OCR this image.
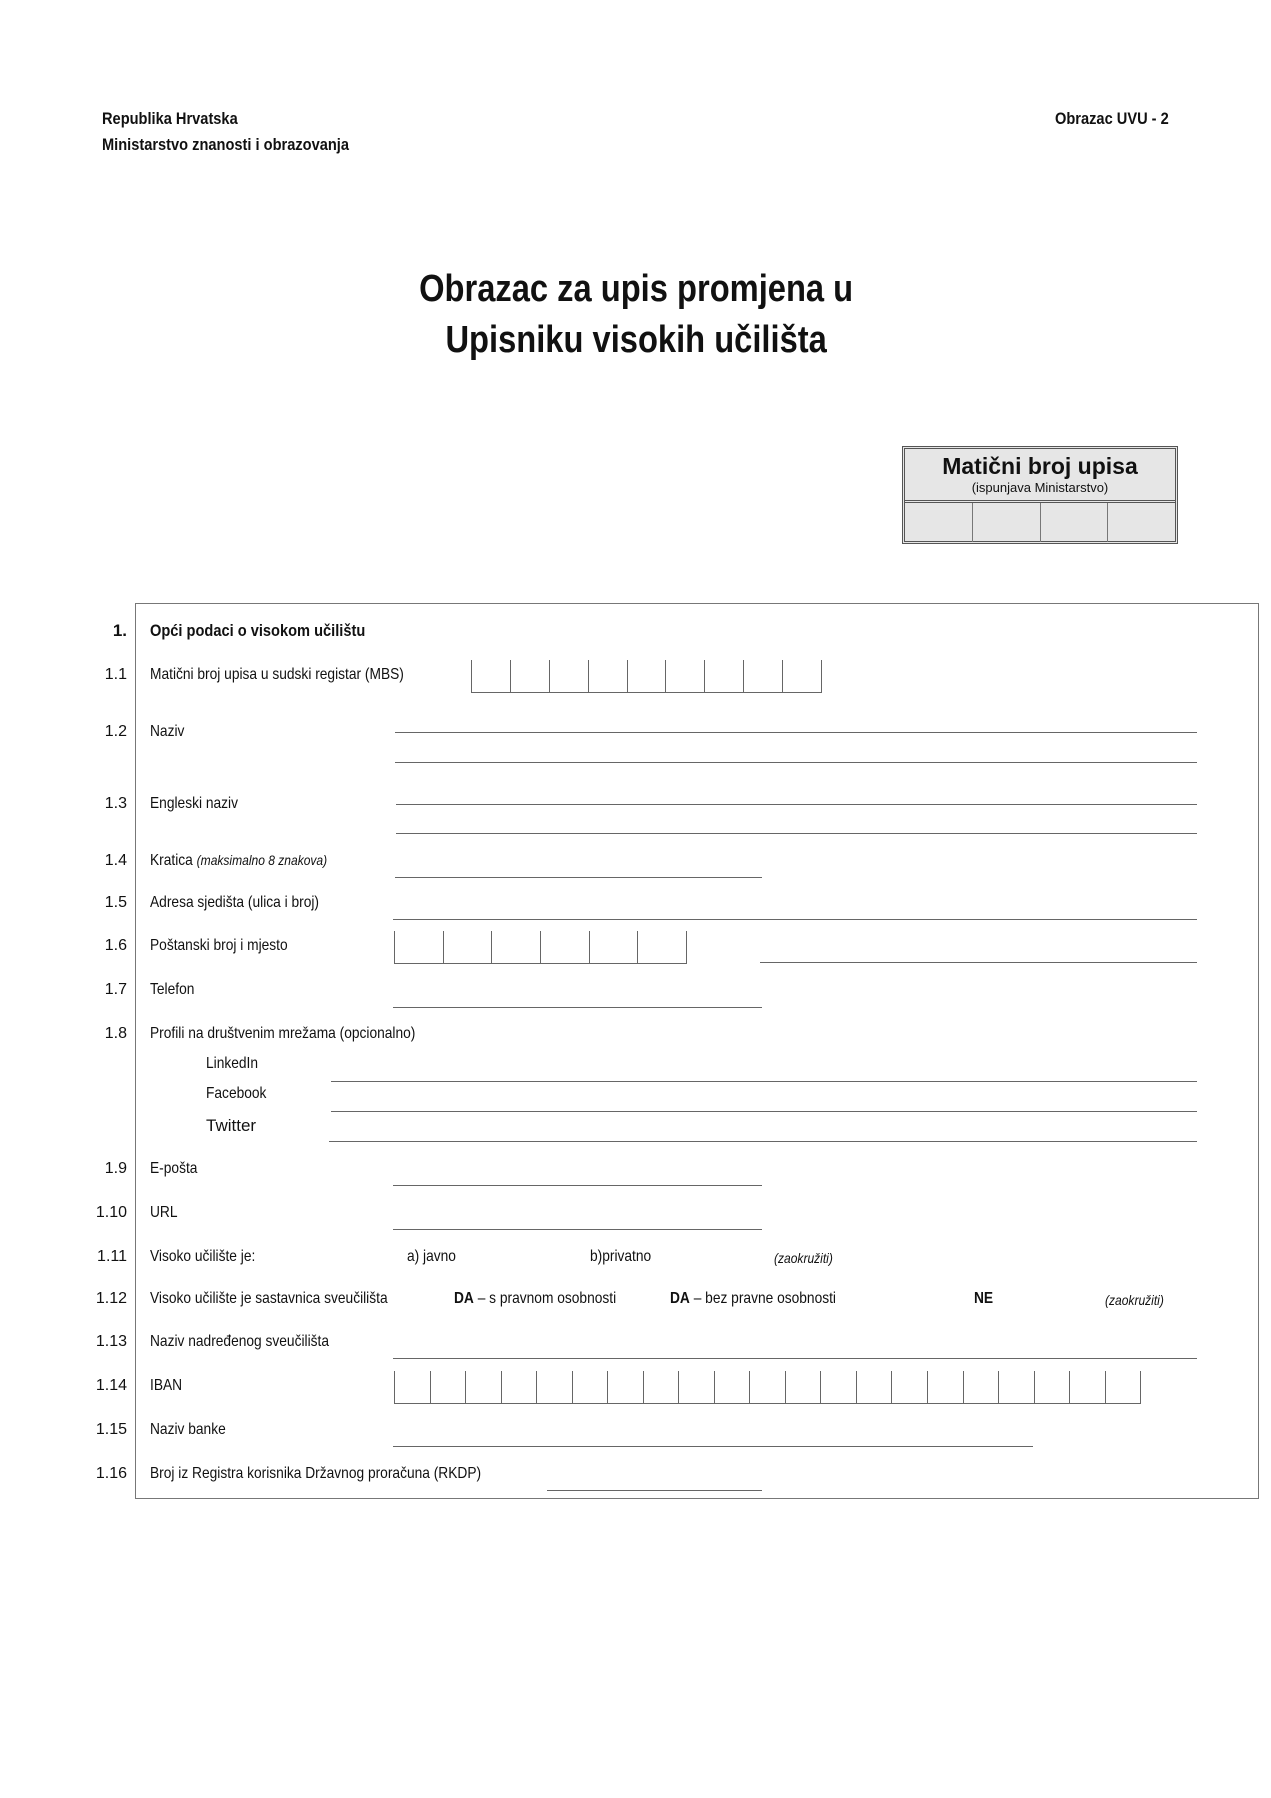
Republika Hrvatska
Ministarstvo znanosti i obrazovanja
Obrazac UVU - 2
Obrazac za upis promjena u
Upisniku visokih učilišta
Matični broj upisa
(ispunjava Ministarstvo)
1. Opći podaci o visokom učilištu
1.1 Matični broj upisa u sudski registar (MBS)
1.2 Naziv
1.3 Engleski naziv
1.4 Kratica (maksimalno 8 znakova)
1.5 Adresa sjedišta (ulica i broj)
1.6 Poštanski broj i mjesto
1.7 Telefon
1.8 Profili na društvenim mrežama (opcionalno)
LinkedIn
Facebook
Twitter
1.9 E-pošta
1.10 URL
1.11 Visoko učilište je:	a) javno	b)privatno	(zaokružiti)
1.12 Visoko učilište je sastavnica sveučilišta	DA – s pravnom osobnosti	DA – bez pravne osobnosti	NE	(zaokružiti)
1.13 Naziv nadređenog sveučilišta
1.14 IBAN
1.15 Naziv banke
1.16 Broj iz Registra korisnika Državnog proračuna (RKDP)
